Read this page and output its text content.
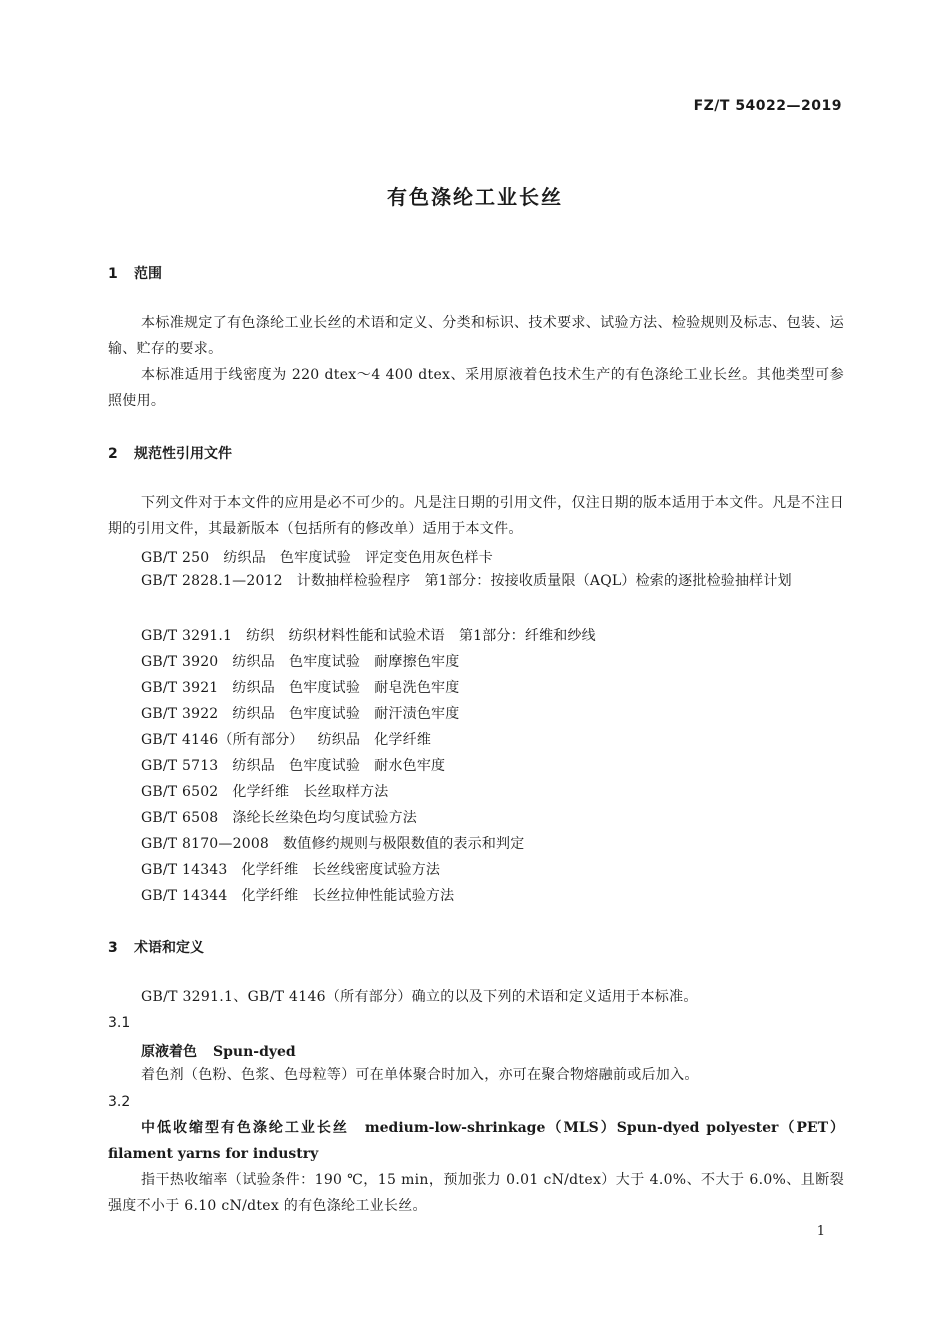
FZ/T 54022—2019
有色涤纶工业长丝
1 范围
本标准规定了有色涤纶工业长丝的术语和定义、分类和标识、技术要求、试验方法、检验规则及标志、包装、运输、贮存的要求。
本标准适用于线密度为 220 dtex～4 400 dtex、采用原液着色技术生产的有色涤纶工业长丝。其他类型可参照使用。
2 规范性引用文件
下列文件对于本文件的应用是必不可少的。凡是注日期的引用文件，仅注日期的版本适用于本文件。凡是不注日期的引用文件，其最新版本（包括所有的修改单）适用于本文件。
GB/T 250 纺织品 色牢度试验　评定变色用灰色样卡
GB/T 2828.1—2012 计数抽样检验程序　第1部分：按接收质量限（AQL）检索的逐批检验抽样计划
GB/T 3291.1 纺织 纺织材料性能和试验术语　第1部分：纤维和纱线
GB/T 3920 纺织品 色牢度试验　耐摩擦色牢度
GB/T 3921 纺织品 色牢度试验　耐皂洗色牢度
GB/T 3922 纺织品 色牢度试验　耐汗渍色牢度
GB/T 4146（所有部分） 纺织品 化学纤维
GB/T 5713 纺织品 色牢度试验　耐水色牢度
GB/T 6502 化学纤维 长丝取样方法
GB/T 6508 涤纶长丝染色均匀度试验方法
GB/T 8170—2008 数值修约规则与极限数值的表示和判定
GB/T 14343 化学纤维 长丝线密度试验方法
GB/T 14344 化学纤维 长丝拉伸性能试验方法
3 术语和定义
GB/T 3291.1、GB/T 4146（所有部分）确立的以及下列的术语和定义适用于本标准。
3.1
原液着色 Spun-dyed
着色剂（色粉、色浆、色母粒等）可在单体聚合时加入，亦可在聚合物熔融前或后加入。
3.2
中低收缩型有色涤纶工业长丝 medium-low-shrinkage（MLS）Spun-dyed polyester（PET）filament yarns for industry
指干热收缩率（试验条件：190 ℃，15 min，预加张力 0.01 cN/dtex）大于 4.0%、不大于 6.0%、且断裂强度不小于 6.10 cN/dtex 的有色涤纶工业长丝。
1
